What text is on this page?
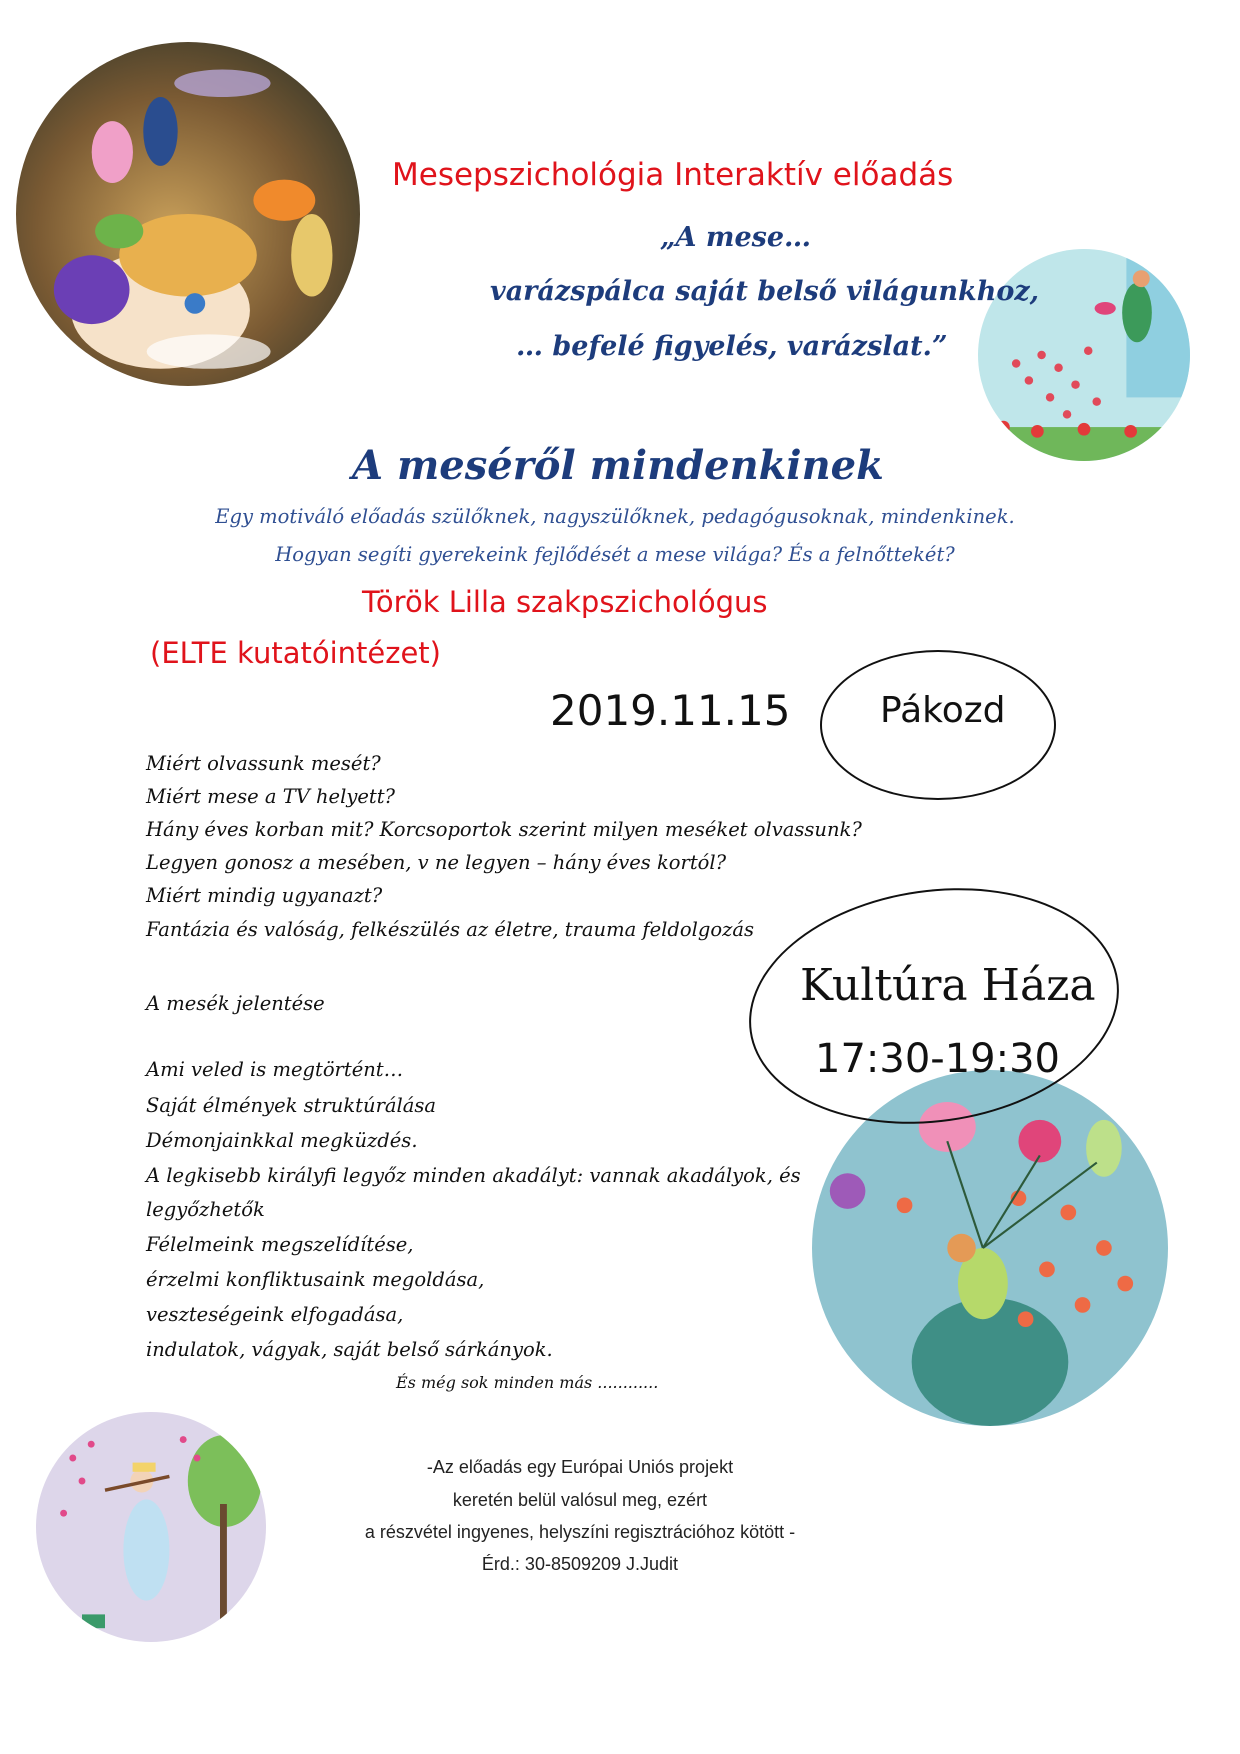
Mesepszichológia Interaktív előadás
„A mese…
varázspálca saját belső világunkhoz,
… befelé figyelés, varázslat.”
A meséről mindenkinek
Egy motiváló előadás szülőknek, nagyszülőknek, pedagógusoknak, mindenkinek.
Hogyan segíti gyerekeink fejlődését a mese világa? És a felnőttekét?
Török Lilla szakpszichológus
(ELTE kutatóintézet)
2019.11.15 Pákozd
Kultúra Háza
17:30-19:30
Miért olvassunk mesét?
Miért mese a TV helyett?
Hány éves korban mit? Korcsoportok szerint milyen meséket olvassunk?
Legyen gonosz a mesében, v ne legyen – hány éves kortól?
Miért mindig ugyanazt?
Fantázia és valóság, felkészülés az életre, trauma feldolgozás
A mesék jelentése
Ami veled is megtörtént…
Saját élmények struktúrálása
Démonjainkkal megküzdés.
A legkisebb királyfi legyőz minden akadályt: vannak akadályok, és
legyőzhetők
Félelmeink megszelídítése,
érzelmi konfliktusaink megoldása,
veszteségeink elfogadása,
indulatok, vágyak, saját belső sárkányok.
És még sok minden más ............
-Az előadás egy Európai Uniós projekt
keretén belül valósul meg, ezért
a részvétel ingyenes, helyszíni regisztrációhoz kötött -
Érd.: 30-8509209 J.Judit
